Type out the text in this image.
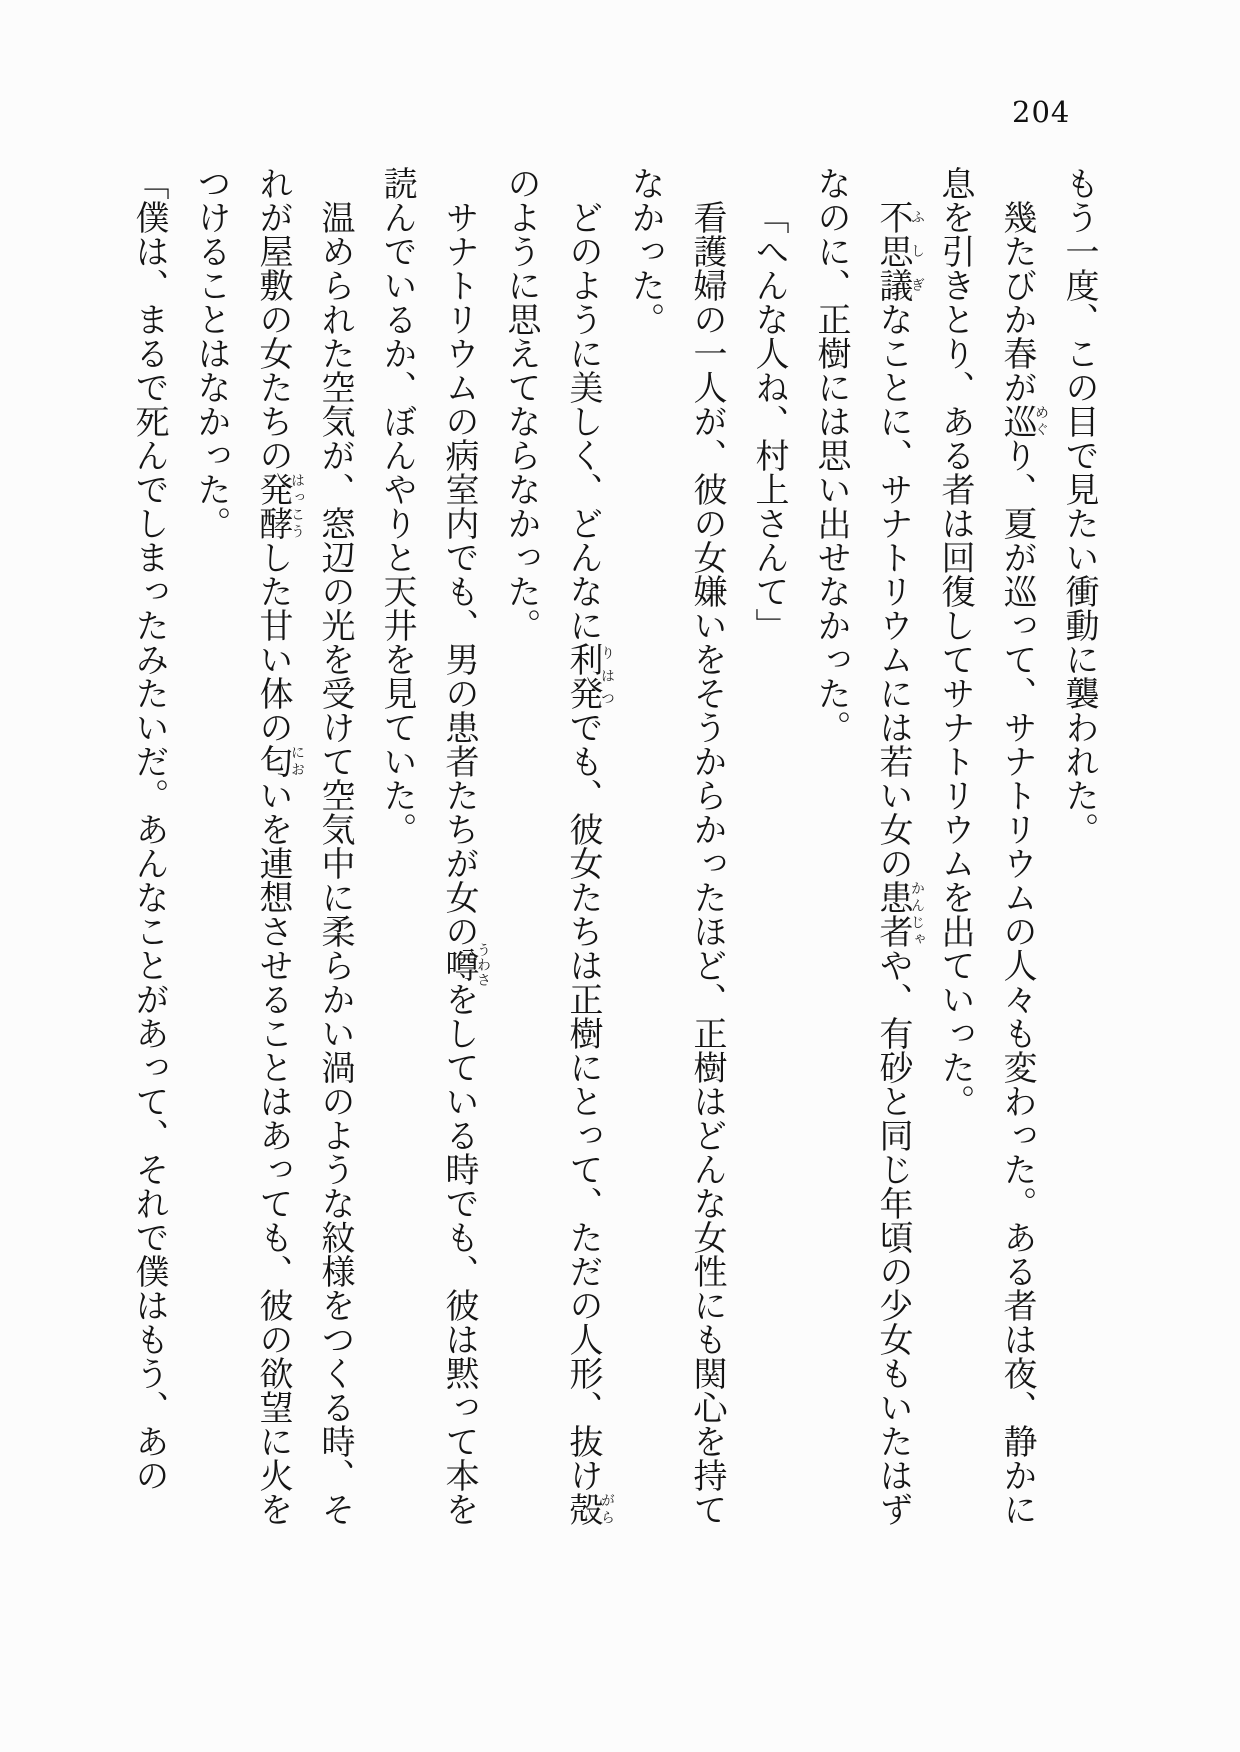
204

もう一度、この目で見たい衝動に襲われた。

幾たびか春が巡めぐり、夏が巡って、サナトリウムの人々も変わった。ある者は夜、静かに息を引きとり、ある者は回復してサナトリウムを出ていった。

不思議ふしぎなことに、サナトリウムには若い女の患者かんじゃや、有砂と同じ年頃の少女もいたはずなのに、正樹には思い出せなかった。

「へんな人ね、村上さんて」

看護婦の一人が、彼の女嫌いをそうからかったほど、正樹はどんな女性にも関心を持てなかった。

どのように美しく、どんなに利発りはつでも、彼女たちは正樹にとって、ただの人形、抜け殻がらのように思えてならなかった。

サナトリウムの病室内でも、男の患者たちが女の噂うわさをしている時でも、彼は黙って本を読んでいるか、ぼんやりと天井を見ていた。

温められた空気が、窓辺の光を受けて空気中に柔らかい渦のような紋様をつくる時、それが屋敷の女たちの発酵はっこうした甘い体の匂においを連想させることはあっても、彼の欲望に火をつけることはなかった。

「僕は、まるで死んでしまったみたいだ。あんなことがあって、それで僕はもう、あの
